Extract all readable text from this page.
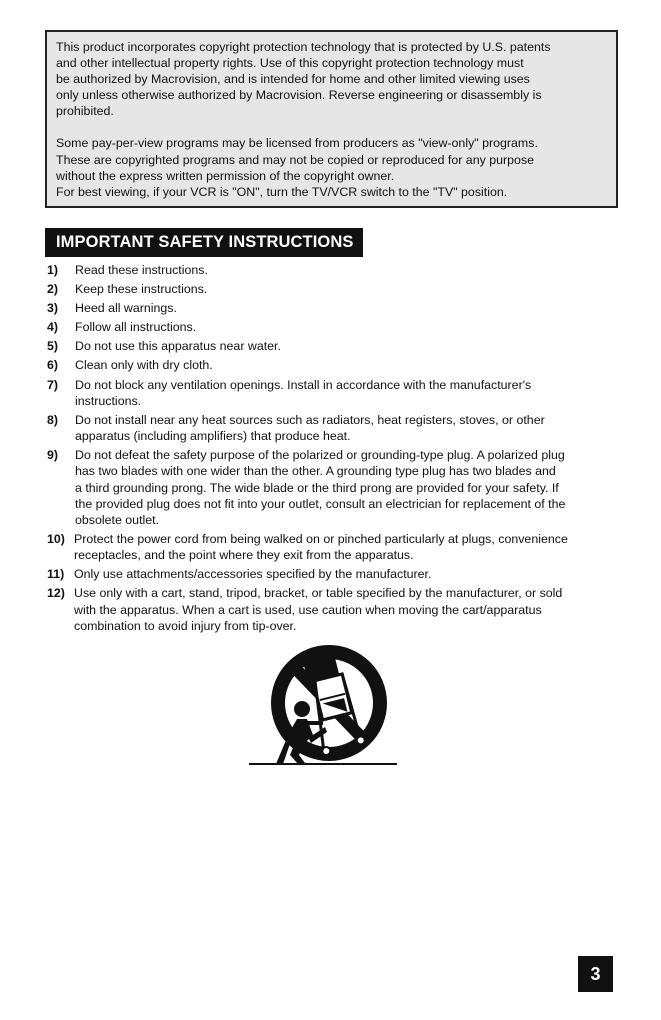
This product incorporates copyright protection technology that is protected by U.S. patents
and other intellectual property rights. Use of this copyright protection technology must
be authorized by Macrovision, and is intended for home and other limited viewing uses
only unless otherwise authorized by Macrovision. Reverse engineering or disassembly is
prohibited.

Some pay-per-view programs may be licensed from producers as "view-only" programs.
These are copyrighted programs and may not be copied or reproduced for any purpose
without the express written permission of the copyright owner.
For best viewing, if your VCR is "ON", turn the TV/VCR switch to the "TV" position.

IMPORTANT SAFETY INSTRUCTIONS
1) Read these instructions.
2) Keep these instructions.
3) Heed all warnings.
4) Follow all instructions.
5) Do not use this apparatus near water.
6) Clean only with dry cloth.
7) Do not block any ventilation openings. Install in accordance with the manufacturer's
instructions.
8) Do not install near any heat sources such as radiators, heat registers, stoves, or other
apparatus (including amplifiers) that produce heat.
9) Do not defeat the safety purpose of the polarized or grounding-type plug. A polarized plug
has two blades with one wider than the other. A grounding type plug has two blades and
a third grounding prong. The wide blade or the third prong are provided for your safety. If
the provided plug does not fit into your outlet, consult an electrician for replacement of the
obsolete outlet.
10) Protect the power cord from being walked on or pinched particularly at plugs, convenience
receptacles, and the point where they exit from the apparatus.
11) Only use attachments/accessories specified by the manufacturer.
12) Use only with a cart, stand, tripod, bracket, or table specified by the manufacturer, or sold
with the apparatus. When a cart is used, use caution when moving the cart/apparatus
combination to avoid injury from tip-over.
3
